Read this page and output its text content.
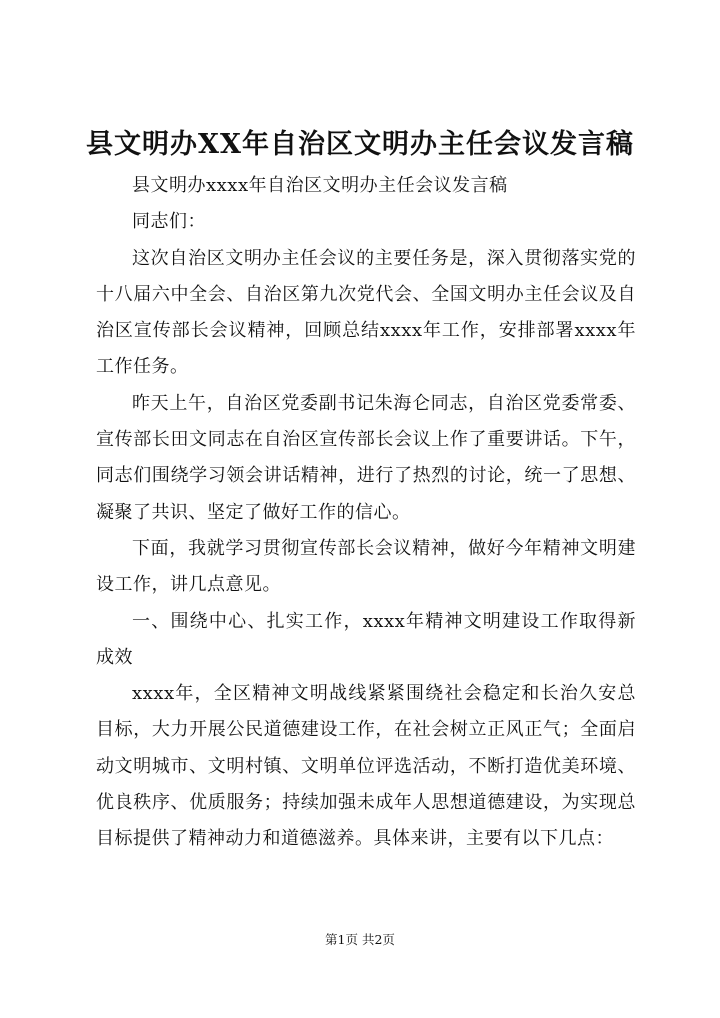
县文明办XX年自治区文明办主任会议发言稿

县文明办xxxx年自治区文明办主任会议发言稿

同志们：

这次自治区文明办主任会议的主要任务是，深入贯彻落实党的十八届六中全会、自治区第九次党代会、全国文明办主任会议及自治区宣传部长会议精神，回顾总结xxxx年工作，安排部署xxxx年工作任务。

昨天上午，自治区党委副书记朱海仑同志，自治区党委常委、宣传部长田文同志在自治区宣传部长会议上作了重要讲话。下午，同志们围绕学习领会讲话精神，进行了热烈的讨论，统一了思想、凝聚了共识、坚定了做好工作的信心。

下面，我就学习贯彻宣传部长会议精神，做好今年精神文明建设工作，讲几点意见。

一、围绕中心、扎实工作，xxxx年精神文明建设工作取得新成效

xxxx年，全区精神文明战线紧紧围绕社会稳定和长治久安总目标，大力开展公民道德建设工作，在社会树立正风正气；全面启动文明城市、文明村镇、文明单位评选活动，不断打造优美环境、优良秩序、优质服务；持续加强未成年人思想道德建设，为实现总目标提供了精神动力和道德滋养。具体来讲，主要有以下几点：

第1页 共2页
